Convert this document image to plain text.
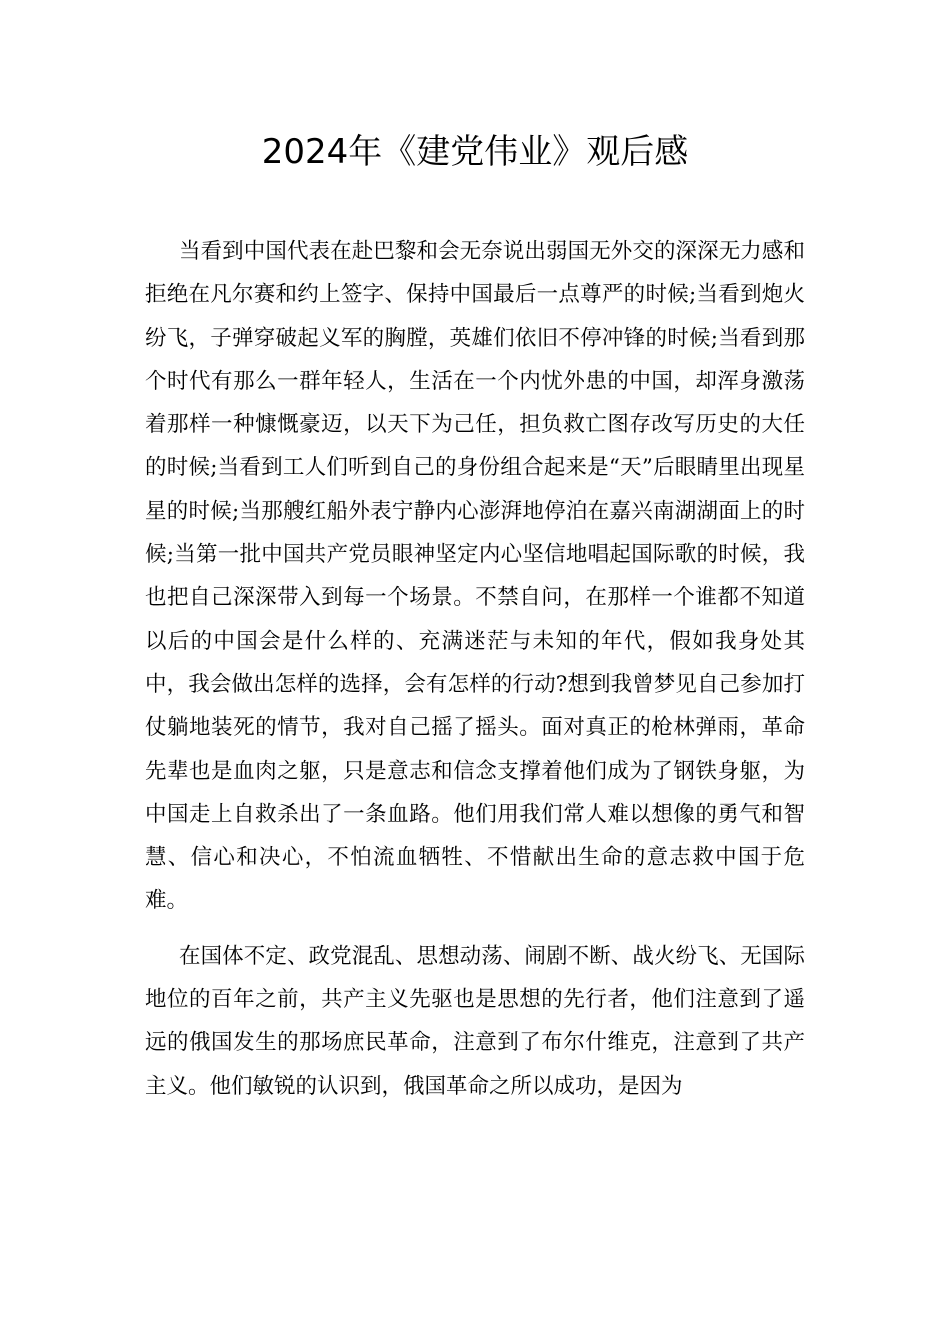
2024年《建党伟业》观后感

当看到中国代表在赴巴黎和会无奈说出弱国无外交的深深无力感和拒绝在凡尔赛和约上签字、保持中国最后一点尊严的时候;当看到炮火纷飞，子弹穿破起义军的胸膛，英雄们依旧不停冲锋的时候;当看到那个时代有那么一群年轻人，生活在一个内忧外患的中国，却浑身激荡着那样一种慷慨豪迈，以天下为己任，担负救亡图存改写历史的大任的时候;当看到工人们听到自己的身份组合起来是“天”后眼睛里出现星星的时候;当那艘红船外表宁静内心澎湃地停泊在嘉兴南湖湖面上的时候;当第一批中国共产党员眼神坚定内心坚信地唱起国际歌的时候，我也把自己深深带入到每一个场景。不禁自问，在那样一个谁都不知道以后的中国会是什么样的、充满迷茫与未知的年代，假如我身处其中，我会做出怎样的选择，会有怎样的行动?想到我曾梦见自己参加打仗躺地装死的情节，我对自己摇了摇头。面对真正的枪林弹雨，革命先辈也是血肉之躯，只是意志和信念支撑着他们成为了钢铁身躯，为中国走上自救杀出了一条血路。他们用我们常人难以想像的勇气和智慧、信心和决心，不怕流血牺牲、不惜献出生命的意志救中国于危难。

在国体不定、政党混乱、思想动荡、闹剧不断、战火纷飞、无国际地位的百年之前，共产主义先驱也是思想的先行者，他们注意到了遥远的俄国发生的那场庶民革命，注意到了布尔什维克，注意到了共产主义。他们敏锐的认识到，俄国革命之所以成功，是因为
